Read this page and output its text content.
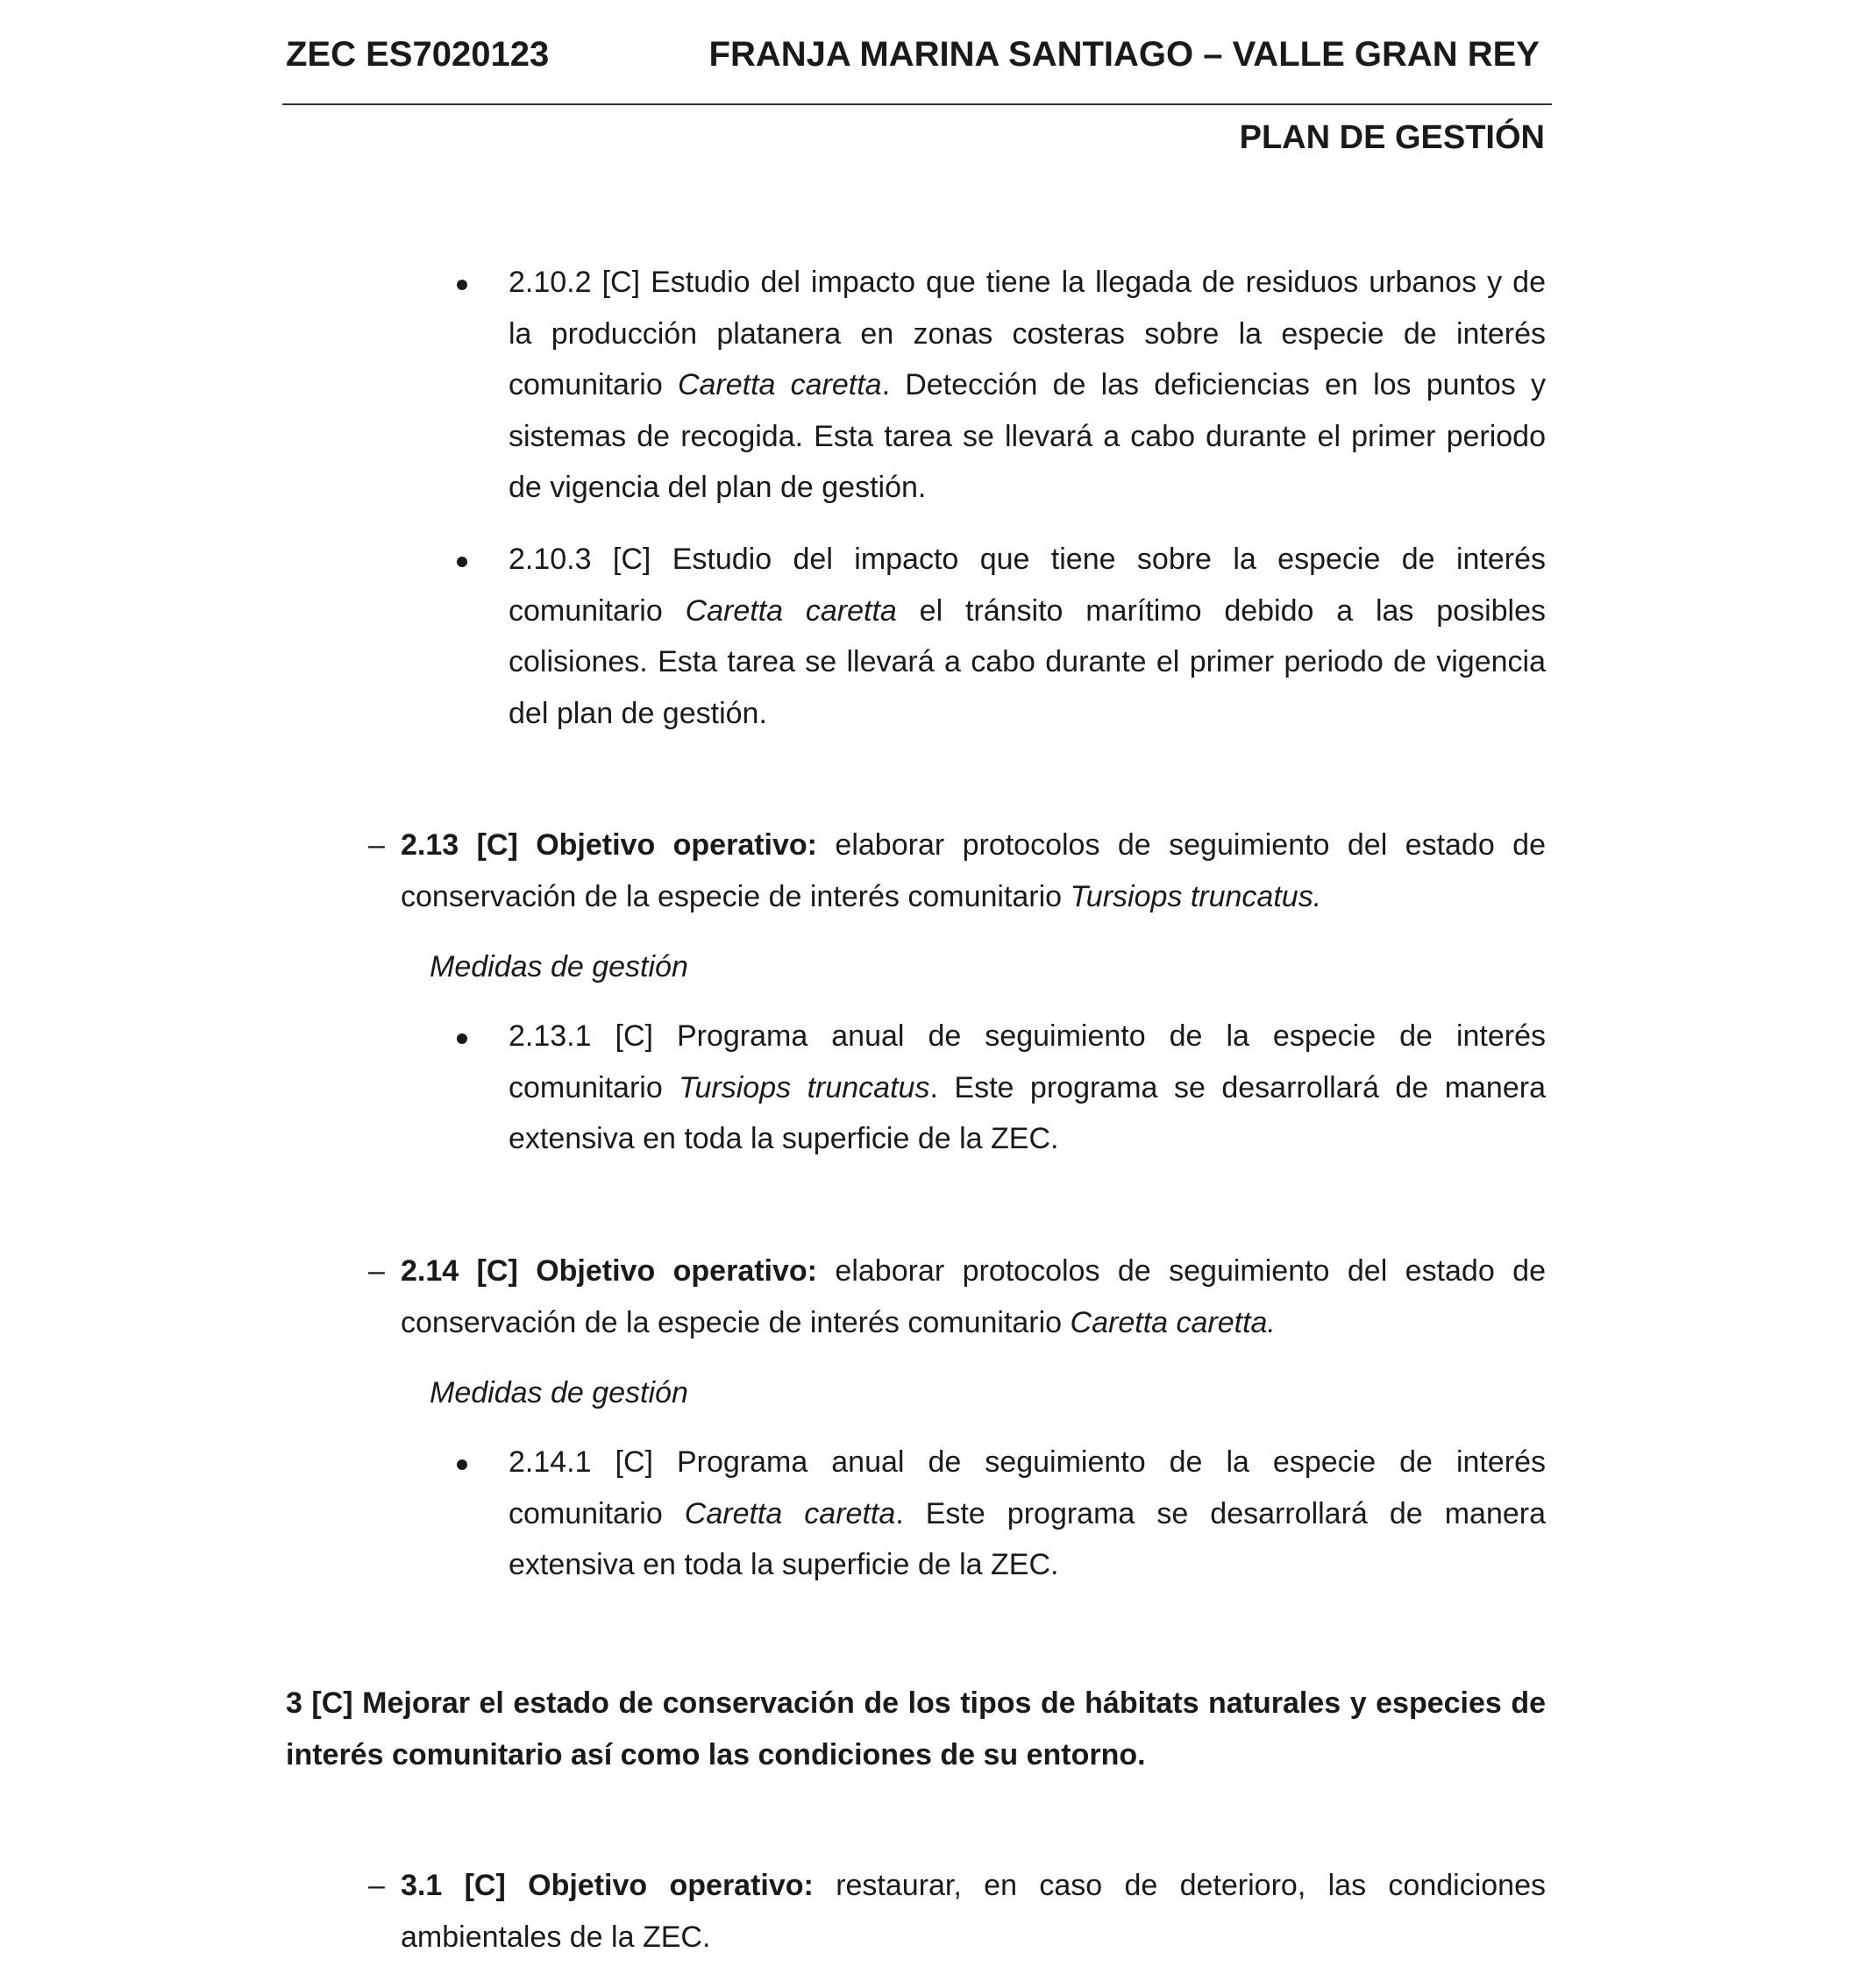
ZEC ES7020123	FRANJA MARINA SANTIAGO – VALLE GRAN REY
PLAN DE GESTIÓN

2.10.2 [C] Estudio del impacto que tiene la llegada de residuos urbanos y de la producción platanera en zonas costeras sobre la especie de interés comunitario Caretta caretta. Detección de las deficiencias en los puntos y sistemas de recogida. Esta tarea se llevará a cabo durante el primer periodo de vigencia del plan de gestión.

2.10.3 [C] Estudio del impacto que tiene sobre la especie de interés comunitario Caretta caretta el tránsito marítimo debido a las posibles colisiones. Esta tarea se llevará a cabo durante el primer periodo de vigencia del plan de gestión.

– 2.13 [C] Objetivo operativo: elaborar protocolos de seguimiento del estado de conservación de la especie de interés comunitario Tursiops truncatus.

Medidas de gestión

2.13.1 [C] Programa anual de seguimiento de la especie de interés comunitario Tursiops truncatus. Este programa se desarrollará de manera extensiva en toda la superficie de la ZEC.

– 2.14 [C] Objetivo operativo: elaborar protocolos de seguimiento del estado de conservación de la especie de interés comunitario Caretta caretta.

Medidas de gestión

2.14.1 [C] Programa anual de seguimiento de la especie de interés comunitario Caretta caretta. Este programa se desarrollará de manera extensiva en toda la superficie de la ZEC.

3 [C] Mejorar el estado de conservación de los tipos de hábitats naturales y especies de interés comunitario así como las condiciones de su entorno.

– 3.1 [C] Objetivo operativo: restaurar, en caso de deterioro, las condiciones ambientales de la ZEC.
